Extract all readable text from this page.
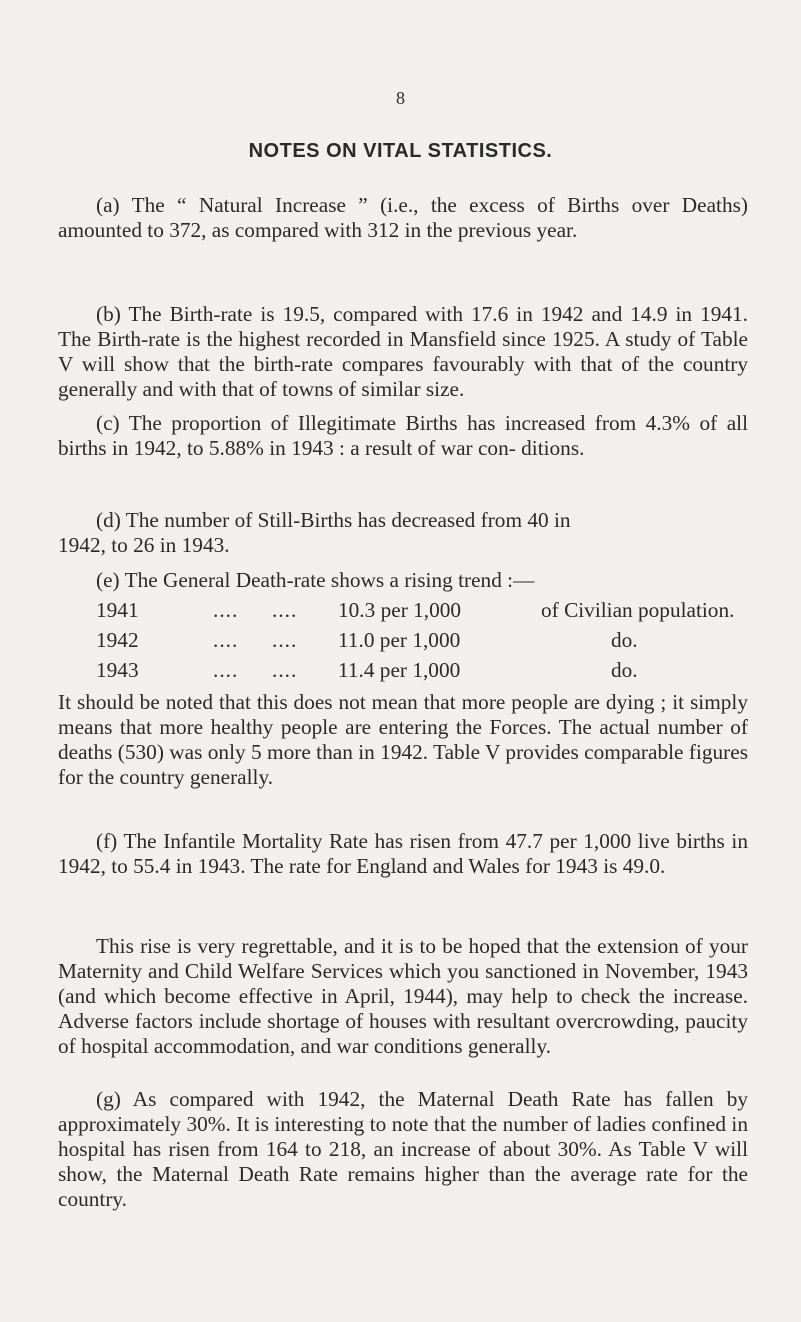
8
NOTES ON VITAL STATISTICS.

(a) The “ Natural Increase ” (i.e., the excess of Births over Deaths) amounted to 372, as compared with 312 in the previous year.

(b) The Birth-rate is 19.5, compared with 17.6 in 1942 and 14.9 in 1941. The Birth-rate is the highest recorded in Mansfield since 1925. A study of Table V will show that the birth-rate compares favourably with that of the country generally and with that of towns of similar size.

(c) The proportion of Illegitimate Births has increased from 4.3% of all births in 1942, to 5.88% in 1943 : a result of war con- ditions.

(d) The number of Still-Births has decreased from 40 in

1942, to 26 in 1943.

(e) The General Death-rate shows a rising trend :—

1941	.... .... 10.3 per 1,000	of Civilian population.
1942	.... .... 11.0 per 1,000	do.
1943	.... .... 11.4 per 1,000	do.

It should be noted that this does not mean that more people are dying ; it simply means that more healthy people are entering the Forces. The actual number of deaths (530) was only 5 more than in 1942. Table V provides comparable figures for the country generally.

(f) The Infantile Mortality Rate has risen from 47.7 per 1,000 live births in 1942, to 55.4 in 1943. The rate for England and Wales for 1943 is 49.0.

This rise is very regrettable, and it is to be hoped that the extension of your Maternity and Child Welfare Services which you sanctioned in November, 1943 (and which become effective in April, 1944), may help to check the increase. Adverse factors include shortage of houses with resultant overcrowding, paucity of hospital accommodation, and war conditions generally.

(g) As compared with 1942, the Maternal Death Rate has fallen by approximately 30%. It is interesting to note that the number of ladies confined in hospital has risen from 164 to 218, an increase of about 30%. As Table V will show, the Maternal Death Rate remains higher than the average rate for the country.
